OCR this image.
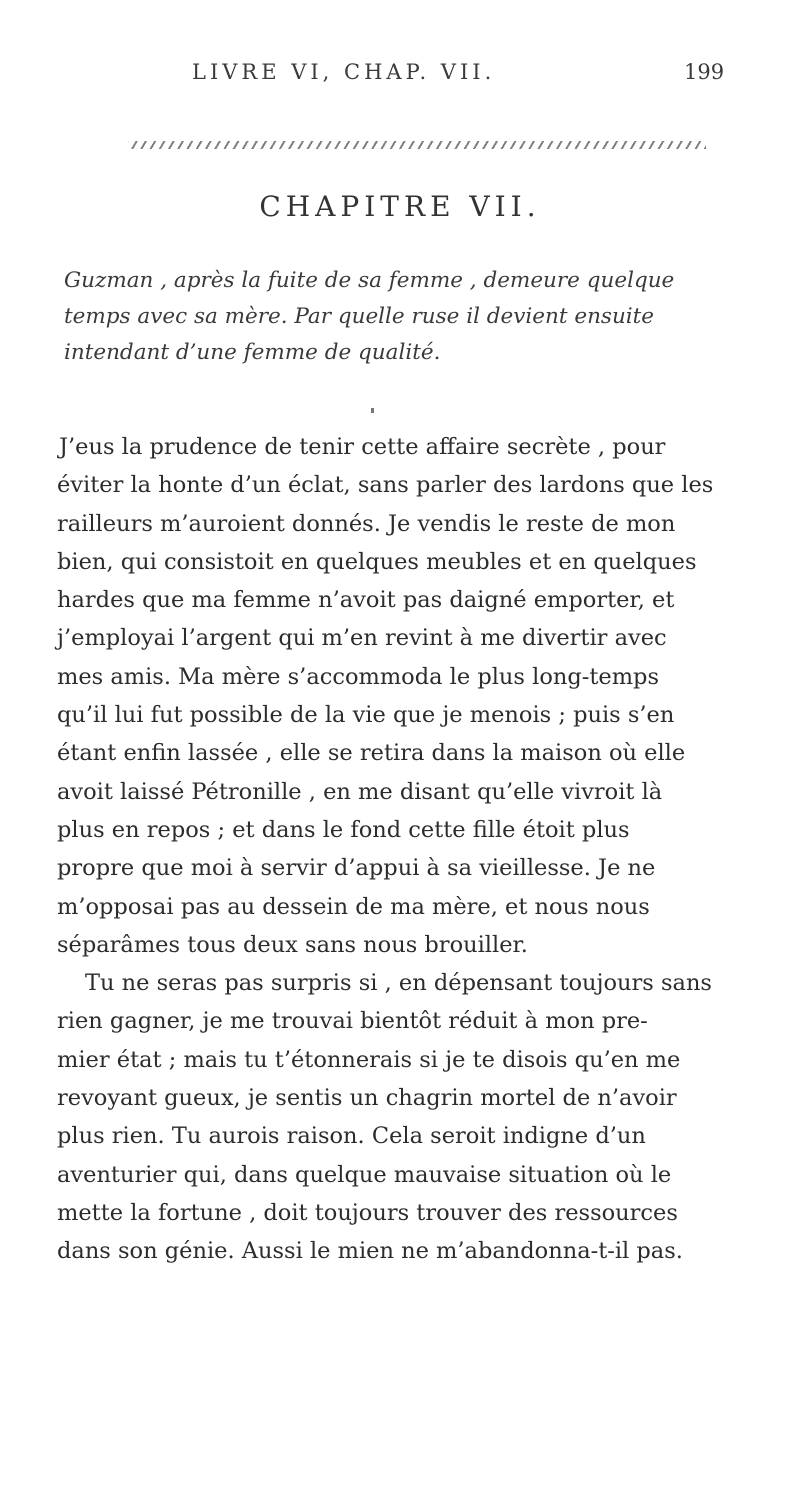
LIVRE VI, CHAP. VII.	199
CHAPITRE VII.
Guzman , après la fuite de sa femme , demeure quelque
temps avec sa mère. Par quelle ruse il devient ensuite
intendant d’une femme de qualité.
J’eus la prudence de tenir cette affaire secrète , pour
éviter la honte d’un éclat, sans parler des lardons que les
railleurs m’auroient donnés. Je vendis le reste de mon
bien, qui consistoit en quelques meubles et en quelques
hardes que ma femme n’avoit pas daigné emporter, et
j’employai l’argent qui m’en revint à me divertir avec
mes amis. Ma mère s’accommoda le plus long-temps
qu’il lui fut possible de la vie que je menois ; puis s’en
étant enfin lassée , elle se retira dans la maison où elle
avoit laissé Pétronille , en me disant qu’elle vivroit là
plus en repos ; et dans le fond cette fille étoit plus
propre que moi à servir d’appui à sa vieillesse. Je ne
m’opposai pas au dessein de ma mère, et nous nous
séparâmes tous deux sans nous brouiller.
Tu ne seras pas surpris si , en dépensant toujours sans
rien gagner, je me trouvai bientôt réduit à mon pre-
mier état ; mais tu t’étonnerais si je te disois qu’en me
revoyant gueux, je sentis un chagrin mortel de n’avoir
plus rien. Tu aurois raison. Cela seroit indigne d’un
aventurier qui, dans quelque mauvaise situation où le
mette la fortune , doit toujours trouver des ressources
dans son génie. Aussi le mien ne m’abandonna-t-il pas.
